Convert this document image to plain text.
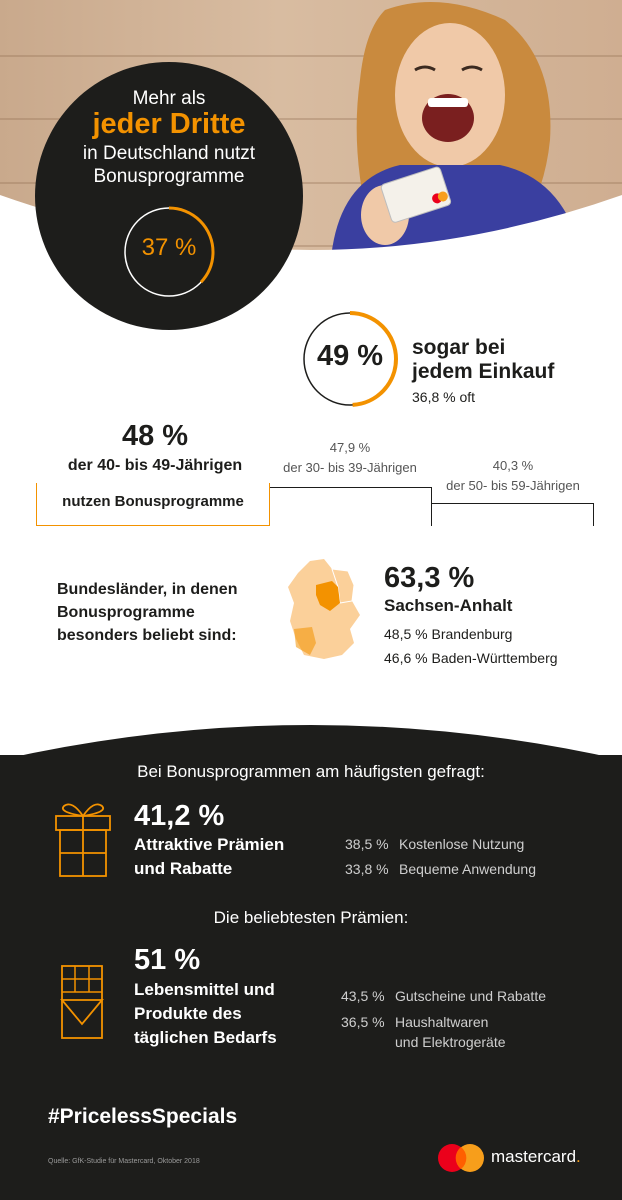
Mehr als
jeder Dritte
in Deutschland nutzt
Bonusprogramme
37 %
49 %	sogar bei
jedem Einkauf
36,8 % oft
48 %
der 40- bis 49-Jährigen
nutzen Bonusprogramme
47,9 %
der 30- bis 39-Jährigen	40,3 %
der 50- bis 59-Jährigen
Bundesländer, in denen
Bonusprogramme
besonders beliebt sind:
63,3 %
Sachsen-Anhalt
48,5 % Brandenburg
46,6 % Baden-Württemberg
Bei Bonusprogrammen am häufigsten gefragt:
41,2 %
Attraktive Prämien
und Rabatte
38,5 % Kostenlose Nutzung
33,8 % Bequeme Anwendung
Die beliebtesten Prämien:
51 %
Lebensmittel und
Produkte des
täglichen Bedarfs
43,5 % Gutscheine und Rabatte
36,5 % Haushaltwaren
und Elektrogeräte
#PricelessSpecials
Quelle: GfK-Studie für Mastercard, Oktober 2018	mastercard.
